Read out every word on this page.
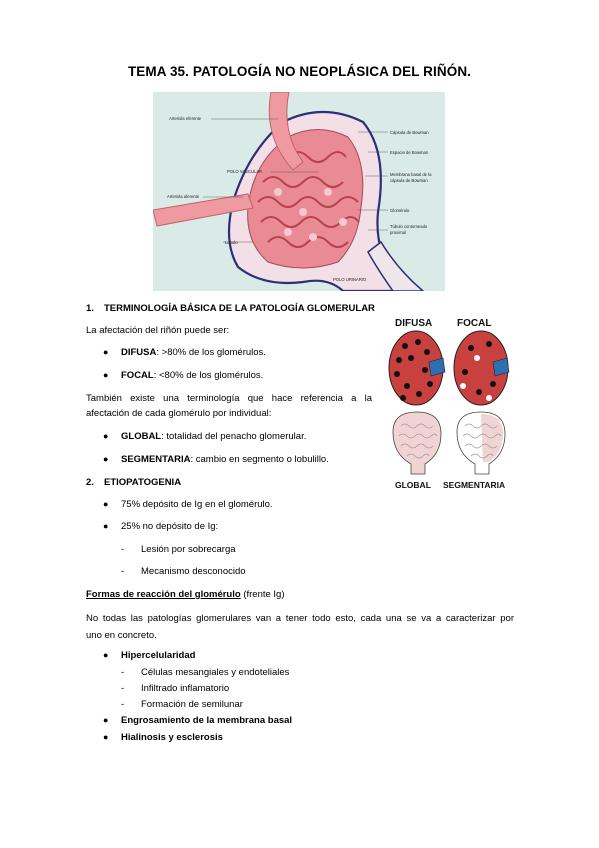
TEMA 35. PATOLOGÍA NO NEOPLÁSICA DEL RIÑÓN.
Arteriola eferente
Cápsula de Bowman
Espacio de Bowman
POLO VASCULAR
Membrana basal de la
cápsula de Bowman
Arteriola aferente
Glomérulo
Túbulo contorneado
proximal
Lobulo
POLO URINARIO
1. TERMINOLOGÍA BÁSICA DE LA PATOLOGÍA GLOMERULAR
La afectación del riñón puede ser:
● DIFUSA: >80% de los glomérulos.
● FOCAL: <80% de los glomérulos.

También existe una terminología que hace referencia a la

afectación de cada glomérulo por individual:

● GLOBAL: totalidad del penacho glomerular.
● SEGMENTARIA: cambio en segmento o lobulillo.
DIFUSA FOCAL
GLOBAL SEGMENTARIA
2. ETIOPATOGENIA
● 75% depósito de Ig en el glomérulo.
● 25% no depósito de Ig:
- Lesión por sobrecarga
- Mecanismo desconocido
Formas de reacción del glomérulo (frente Ig)

No todas las patologías glomerulares van a tener todo esto, cada una se va a caracterizar por

uno en concreto.

● Hipercelularidad
- Células mesangiales y endoteliales
- Infiltrado inflamatorio
- Formación de semilunar
● Engrosamiento de la membrana basal
● Hialinosis y esclerosis
